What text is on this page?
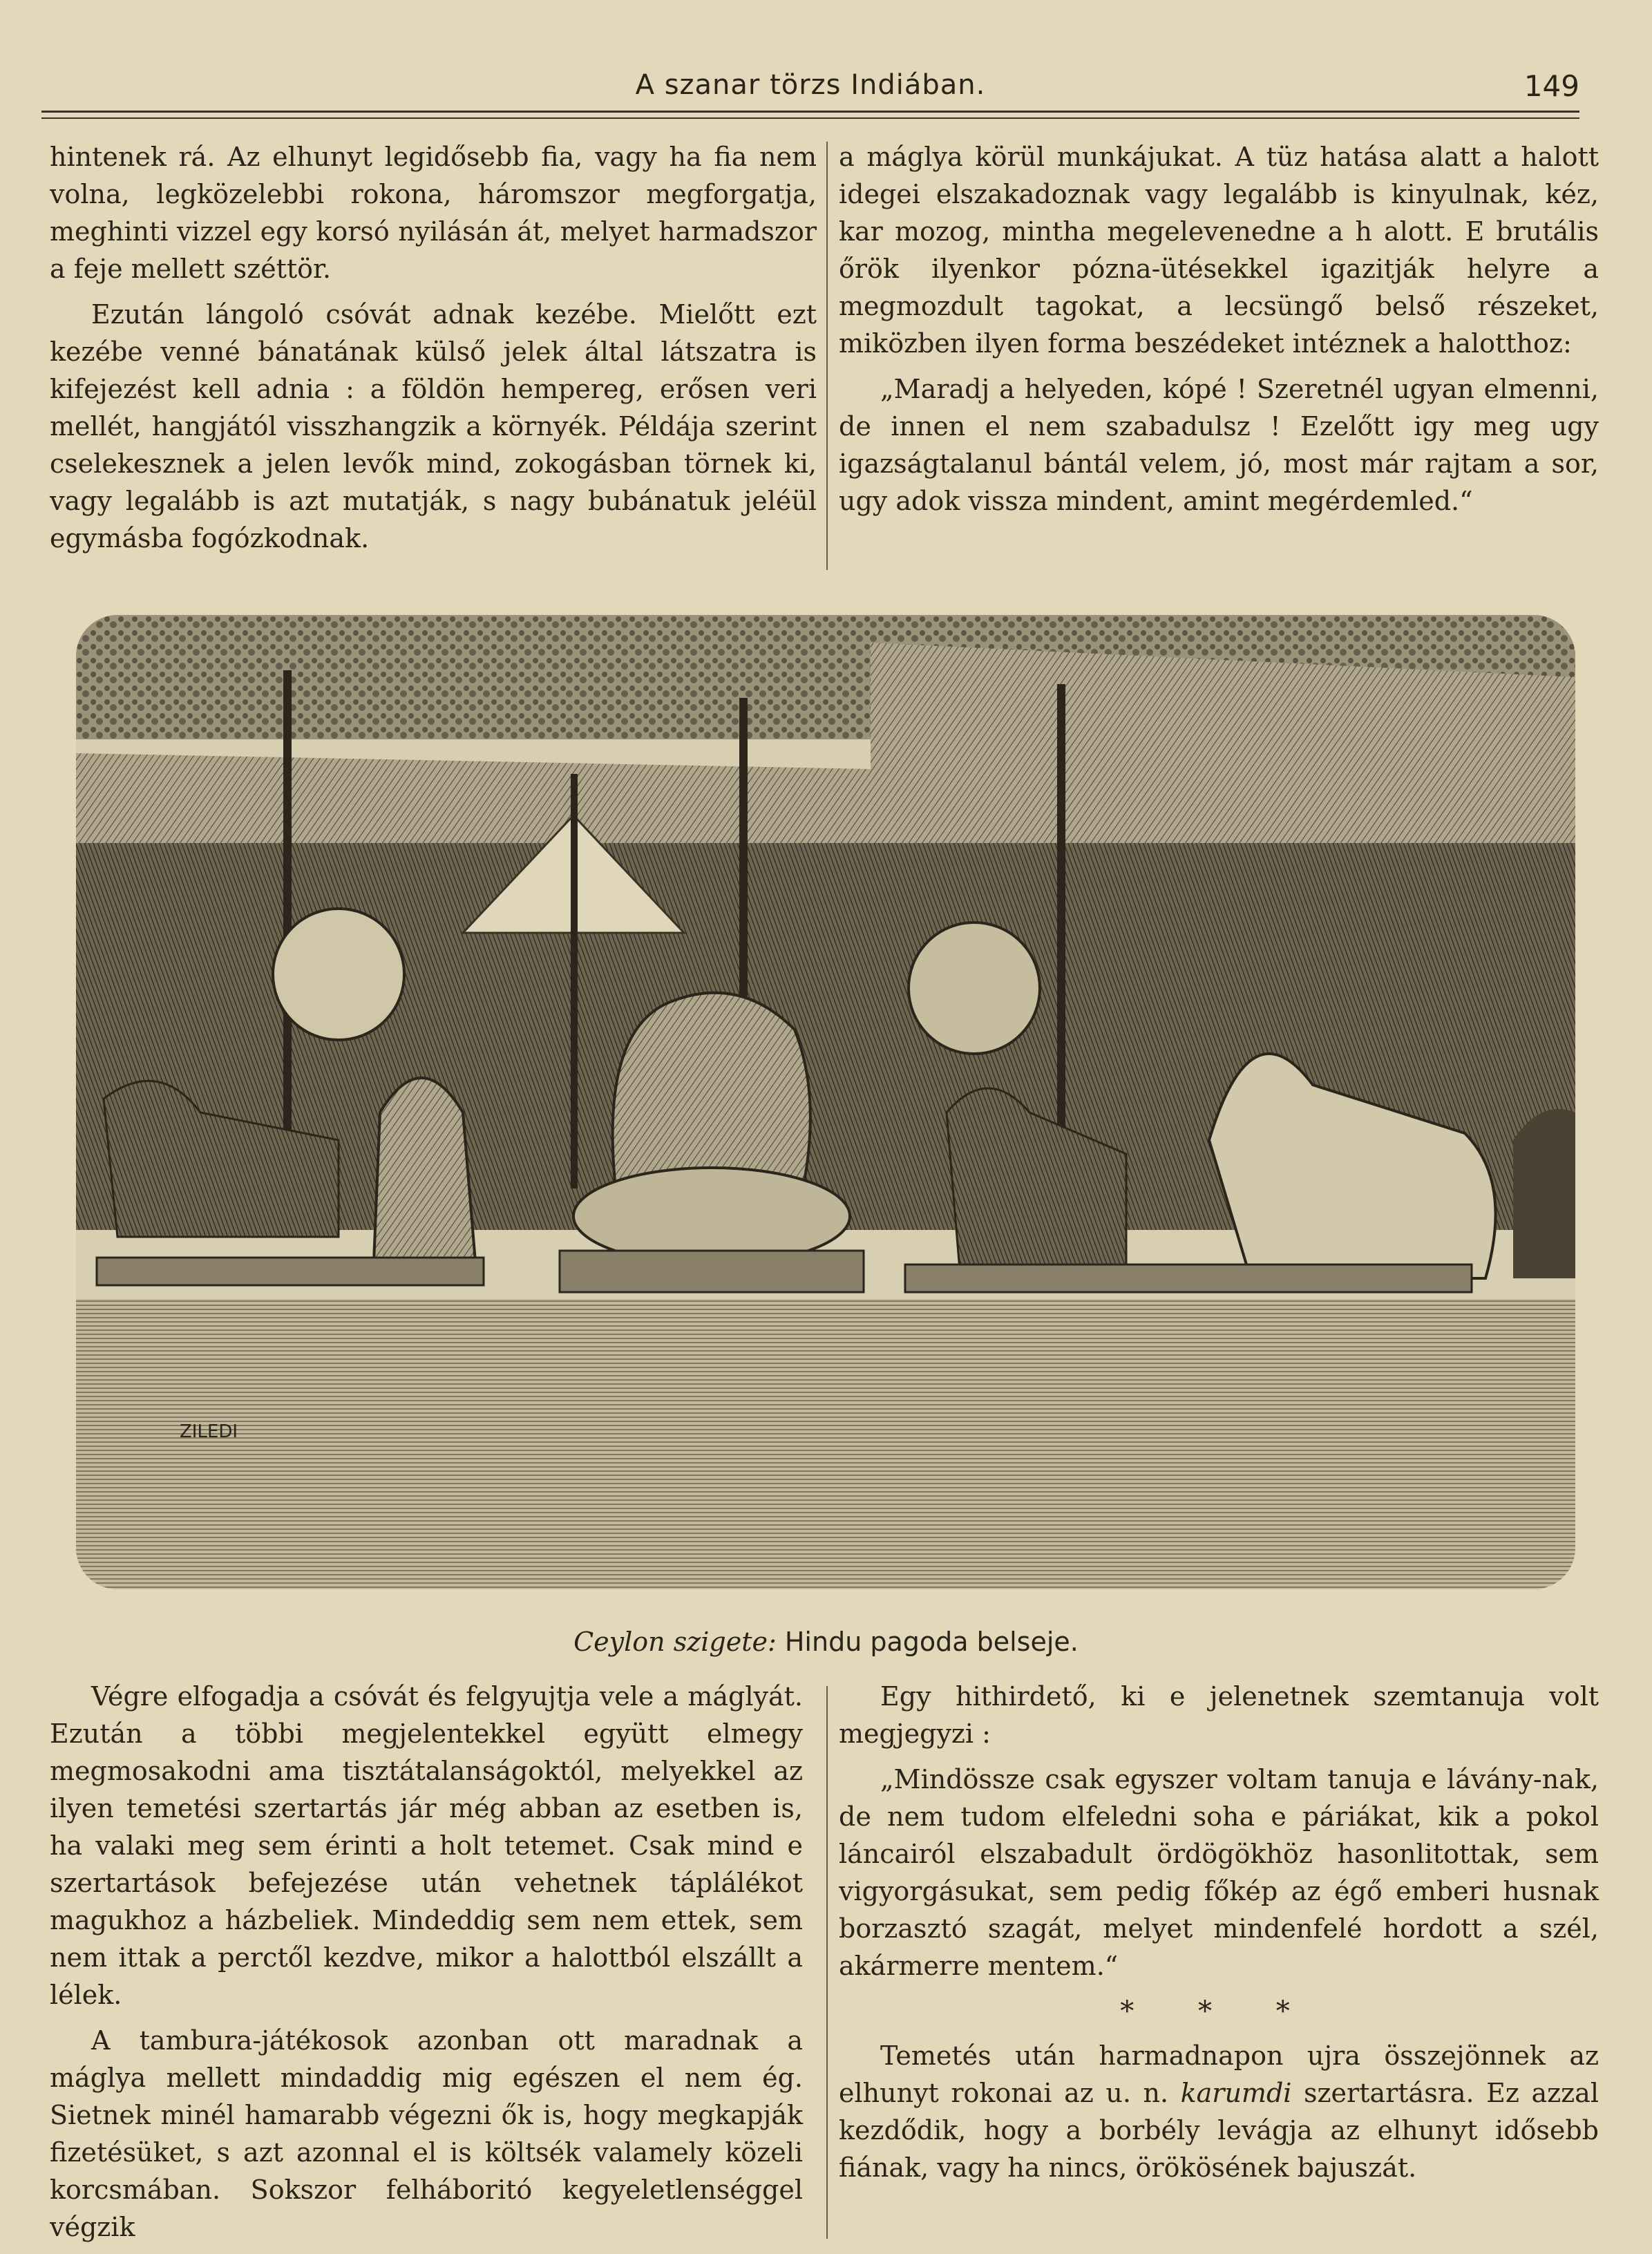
A szanar törzs Indiában.	149

hintenek rá. Az elhunyt legidősebb fia, vagy ha fia nem volna, legközelebbi rokona, háromszor megforgatja, meghinti vizzel egy korsó nyilásán át, melyet harmadszor a feje mellett széttör.

Ezután lángoló csóvát adnak kezébe. Mielőtt ezt kezébe venné bánatának külső jelek által látszatra is kifejezést kell adnia : a földön hempereg, erősen veri mellét, hangjától visszhangzik a környék. Példája szerint cselekesznek a jelen levők mind, zokogásban törnek ki, vagy legalább is azt mutatják, s nagy bubánatuk jeléül egymásba fogózkodnak.

a máglya körül munkájukat. A tüz hatása alatt a halott idegei elszakadoznak vagy legalább is kinyulnak, kéz, kar mozog, mintha megelevenedne a h alott. E brutális őrök ilyenkor pózna-ütésekkel igazitják helyre a megmozdult tagokat, a lecsüngő belső részeket, miközben ilyen forma beszédeket intéznek a halotthoz:

„Maradj a helyeden, kópé ! Szeretnél ugyan elmenni, de innen el nem szabadulsz ! Ezelőtt igy meg ugy igazságtalanul bántál velem, jó, most már rajtam a sor, ugy adok vissza mindent, amint megérdemled.“

ZILEDI
Ceylon szigete: Hindu pagoda belseje.

Végre elfogadja a csóvát és felgyujtja vele a máglyát. Ezután a többi megjelentekkel együtt elmegy megmosakodni ama tisztátalanságoktól, melyekkel az ilyen temetési szertartás jár még abban az esetben is, ha valaki meg sem érinti a holt tetemet. Csak mind e szertartások befejezése után vehetnek táplálékot magukhoz a házbeliek. Mindeddig sem nem ettek, sem nem ittak a perctől kezdve, mikor a halottból elszállt a lélek.

A tambura-játékosok azonban ott maradnak a máglya mellett mindaddig mig egészen el nem ég. Sietnek minél hamarabb végezni ők is, hogy megkapják fizetésüket, s azt azonnal el is költsék valamely közeli korcsmában. Sokszor felháboritó kegyeletlenséggel végzik

Egy hithirdető, ki e jelenetnek szemtanuja volt megjegyzi :

„Mindössze csak egyszer voltam tanuja e lávány-nak, de nem tudom elfeledni soha e páriákat, kik a pokol láncairól elszabadult ördögökhöz hasonlitottak, sem vigyorgásukat, sem pedig főkép az égő emberi husnak borzasztó szagát, melyet mindenfelé hordott a szél, akármerre mentem.“

* * *

Temetés után harmadnapon ujra összejönnek az elhunyt rokonai az u. n. karumdi szertartásra. Ez azzal kezdődik, hogy a borbély levágja az elhunyt idősebb fiának, vagy ha nincs, örökösének bajuszát.
